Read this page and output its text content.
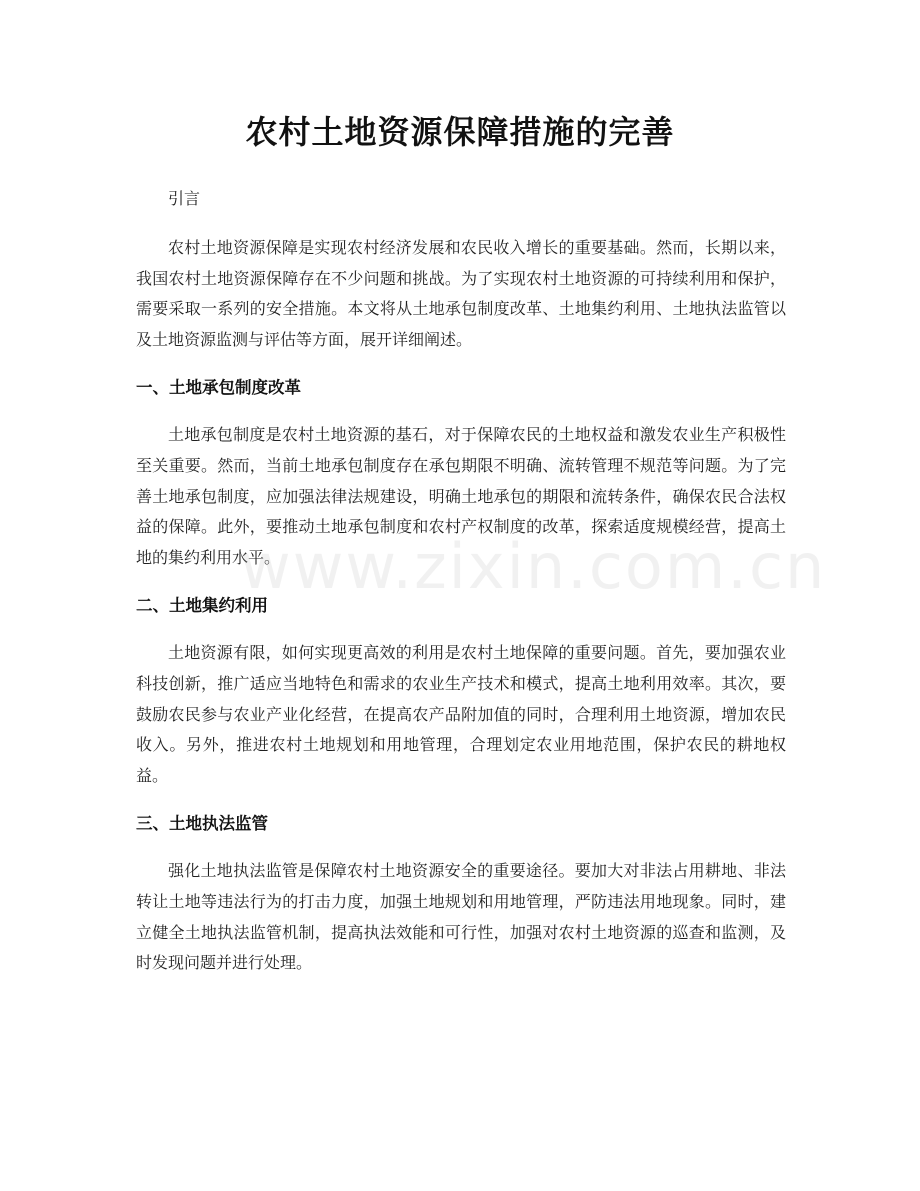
农村土地资源保障措施的完善

引言

农村土地资源保障是实现农村经济发展和农民收入增长的重要基础。然而，长期以来，我国农村土地资源保障存在不少问题和挑战。为了实现农村土地资源的可持续利用和保护，需要采取一系列的安全措施。本文将从土地承包制度改革、土地集约利用、土地执法监管以及土地资源监测与评估等方面，展开详细阐述。

一、土地承包制度改革

土地承包制度是农村土地资源的基石，对于保障农民的土地权益和激发农业生产积极性至关重要。然而，当前土地承包制度存在承包期限不明确、流转管理不规范等问题。为了完善土地承包制度，应加强法律法规建设，明确土地承包的期限和流转条件，确保农民合法权益的保障。此外，要推动土地承包制度和农村产权制度的改革，探索适度规模经营，提高土地的集约利用水平。

二、土地集约利用

土地资源有限，如何实现更高效的利用是农村土地保障的重要问题。首先，要加强农业科技创新，推广适应当地特色和需求的农业生产技术和模式，提高土地利用效率。其次，要鼓励农民参与农业产业化经营，在提高农产品附加值的同时，合理利用土地资源，增加农民收入。另外，推进农村土地规划和用地管理，合理划定农业用地范围，保护农民的耕地权益。

三、土地执法监管

强化土地执法监管是保障农村土地资源安全的重要途径。要加大对非法占用耕地、非法转让土地等违法行为的打击力度，加强土地规划和用地管理，严防违法用地现象。同时，建立健全土地执法监管机制，提高执法效能和可行性，加强对农村土地资源的巡查和监测，及时发现问题并进行处理。

www.zixin.com.cn
